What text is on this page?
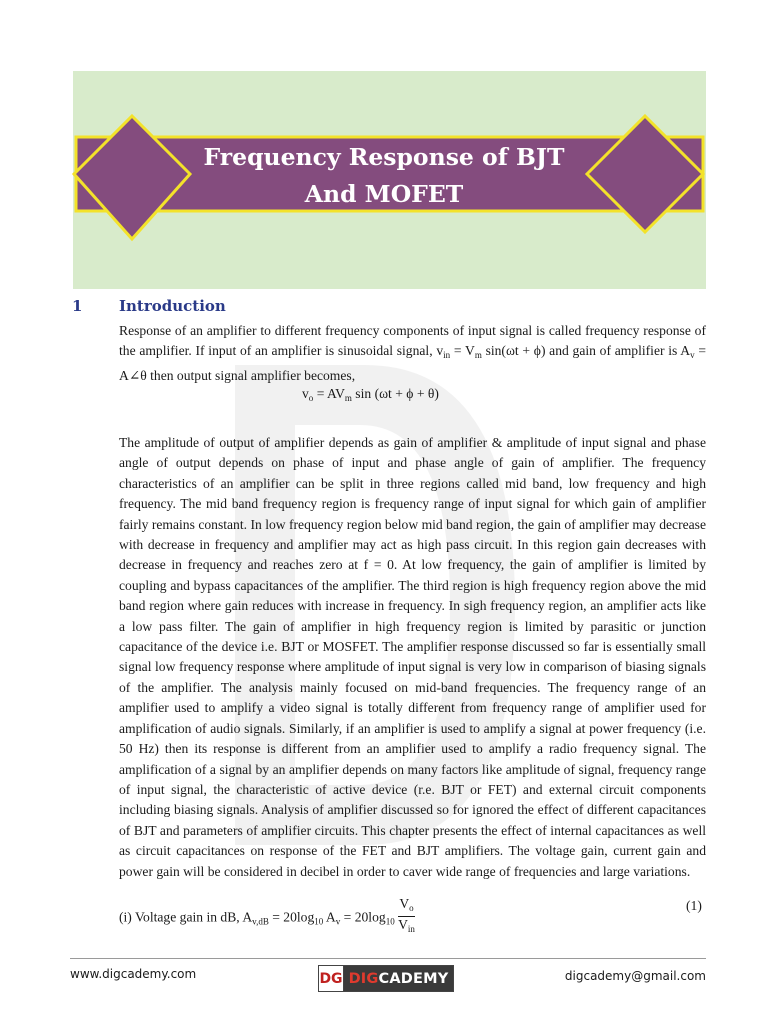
Frequency Response of BJT
And MOFET
1 Introduction
Response of an amplifier to different frequency components of input signal is called frequency response of the amplifier. If input of an amplifier is sinusoidal signal, $v_{in} = V_m$ sin(ωt + ϕ) and gain of amplifier is $A_v$ = A∠θ then output signal amplifier becomes,
$v_o = AV_m$ sin (ωt + ϕ + θ)
The amplitude of output of amplifier depends as gain of amplifier & amplitude of input signal and phase angle of output depends on phase of input and phase angle of gain of amplifier. The frequency characteristics of an amplifier can be split in three regions called mid band, low frequency and high frequency. The mid band frequency region is frequency range of input signal for which gain of amplifier fairly remains constant. In low frequency region below mid band region, the gain of amplifier may decrease with decrease in frequency and amplifier may act as high pass circuit. In this region gain decreases with decrease in frequency and reaches zero at f = 0. At low frequency, the gain of amplifier is limited by coupling and bypass capacitances of the amplifier. The third region is high frequency region above the mid band region where gain reduces with increase in frequency. In sigh frequency region, an amplifier acts like a low pass filter. The gain of amplifier in high frequency region is limited by parasitic or junction capacitance of the device i.e. BJT or MOSFET. The amplifier response discussed so far is essentially small signal low frequency response where amplitude of input signal is very low in comparison of biasing signals of the amplifier. The analysis mainly focused on mid-band frequencies. The frequency range of an amplifier used to amplify a video signal is totally different from frequency range of amplifier used for amplification of audio signals. Similarly, if an amplifier is used to amplify a signal at power frequency (i.e. 50 Hz) then its response is different from an amplifier used to amplify a radio frequency signal. The amplification of a signal by an amplifier depends on many factors like amplitude of signal, frequency range of input signal, the characteristic of active device (r.e. BJT or FET) and external circuit components including biasing signals. Analysis of amplifier discussed so for ignored the effect of different capacitances of BJT and parameters of amplifier circuits. This chapter presents the effect of internal capacitances as well as circuit capacitances on response of the FET and BJT amplifiers. The voltage gain, current gain and power gain will be considered in decibel in order to caver wide range of frequencies and large variations.
(i) Voltage gain in dB, $A_{v,dB} = 20\log_{10}$ $A_v = 20\log_{10} \frac{V_o}{V_{in}}$	(1)
www.digcademy.com	DG DIG CADEMY	digcademy@gmail.com
